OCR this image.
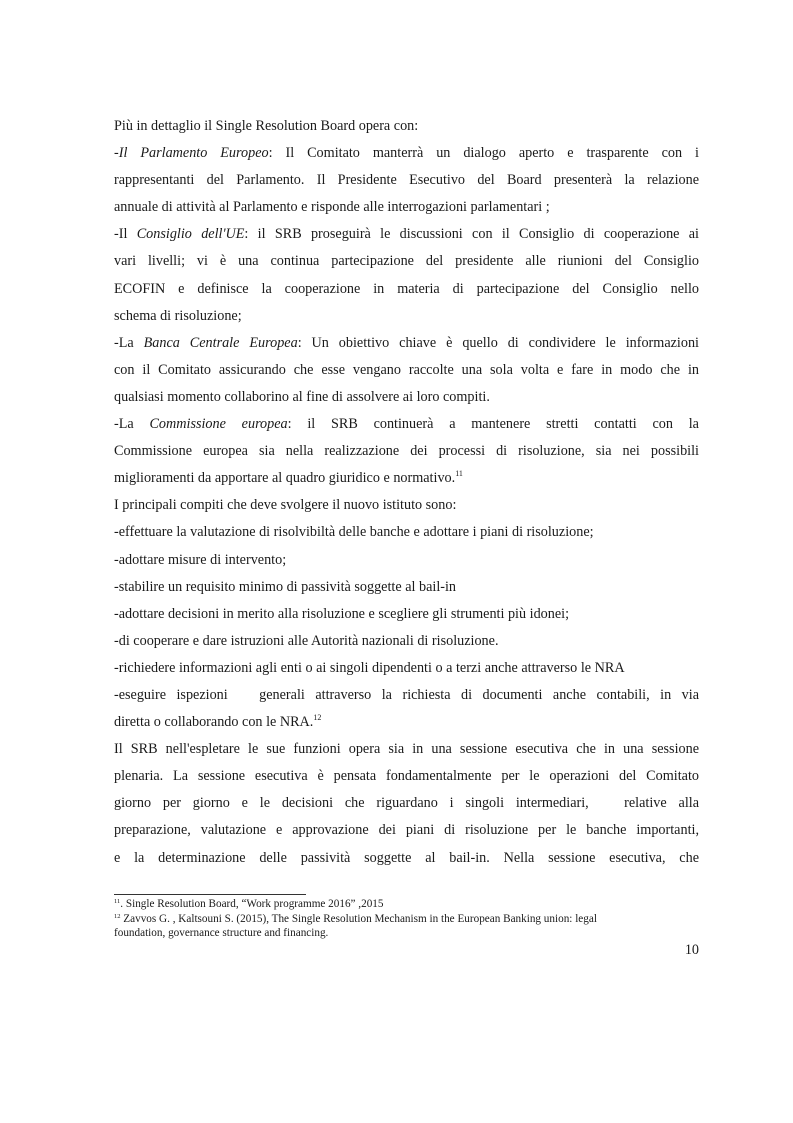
Più in dettaglio il Single Resolution Board opera con:
-Il Parlamento Europeo: Il Comitato manterrà un dialogo aperto e trasparente con i
rappresentanti del Parlamento. Il Presidente Esecutivo del Board presenterà la relazione
annuale di attività al Parlamento e risponde alle interrogazioni parlamentari ;
-Il Consiglio dell'UE: il SRB proseguirà le discussioni con il Consiglio di cooperazione ai
vari livelli; vi è una continua partecipazione del presidente alle riunioni del Consiglio
ECOFIN e definisce la cooperazione in materia di partecipazione del Consiglio nello
schema di risoluzione;
-La Banca Centrale Europea: Un obiettivo chiave è quello di condividere le informazioni
con il Comitato assicurando che esse vengano raccolte una sola volta e fare in modo che in
qualsiasi momento collaborino al fine di assolvere ai loro compiti.
-La Commissione europea: il SRB continuerà a mantenere stretti contatti con la
Commissione europea sia nella realizzazione dei processi di risoluzione, sia nei possibili
miglioramenti da apportare al quadro giuridico e normativo.$^{11}$
I principali compiti che deve svolgere il nuovo istituto sono:
-effettuare la valutazione di risolvibiltà delle banche e adottare i piani di risoluzione;
-adottare misure di intervento;
-stabilire un requisito minimo di passività soggette al bail-in
-adottare decisioni in merito alla risoluzione e scegliere gli strumenti più idonei;
-di cooperare e dare istruzioni alle Autorità nazionali di risoluzione.
-richiedere informazioni agli enti o ai singoli dipendenti o a terzi anche attraverso le NRA
-eseguire ispezioni   generali attraverso la richiesta di documenti anche contabili, in via
diretta o collaborando con le NRA.$^{12}$
Il SRB nell'espletare le sue funzioni opera sia in una sessione esecutiva che in una sessione
plenaria. La sessione esecutiva è pensata fondamentalmente per le operazioni del Comitato
giorno per giorno e le decisioni che riguardano i singoli intermediari,   relative alla
preparazione, valutazione e approvazione dei piani di risoluzione per le banche importanti,
e la determinazione delle passività soggette al bail-in. Nella sessione esecutiva, che
$^{11}$. Single Resolution Board, “Work programme 2016” ,2015
$^{12}$ Zavvos G. , Kaltsouni S. (2015), The Single Resolution Mechanism in the European Banking union: legal
foundation, governance structure and financing.
10
